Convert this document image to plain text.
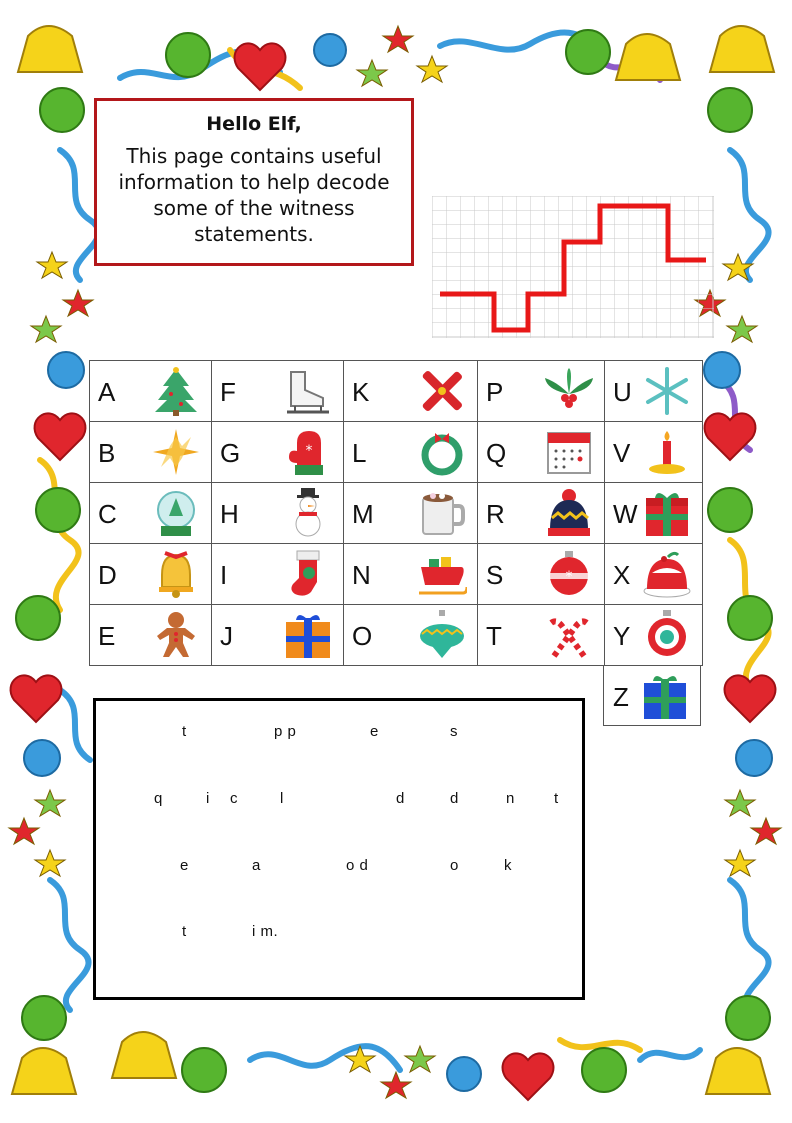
Hello Elf,

This page contains useful information to help decode some of the witness statements.

A	F	K	P	U

B	G *	L	Q	V

C	H	M	R	W

D	I	N	S *	X

E	J	O	T	Y
Z
t	p p	e	s
q	i c	l	d	d	n	t
e	a	o d	o	k
t	i m.
